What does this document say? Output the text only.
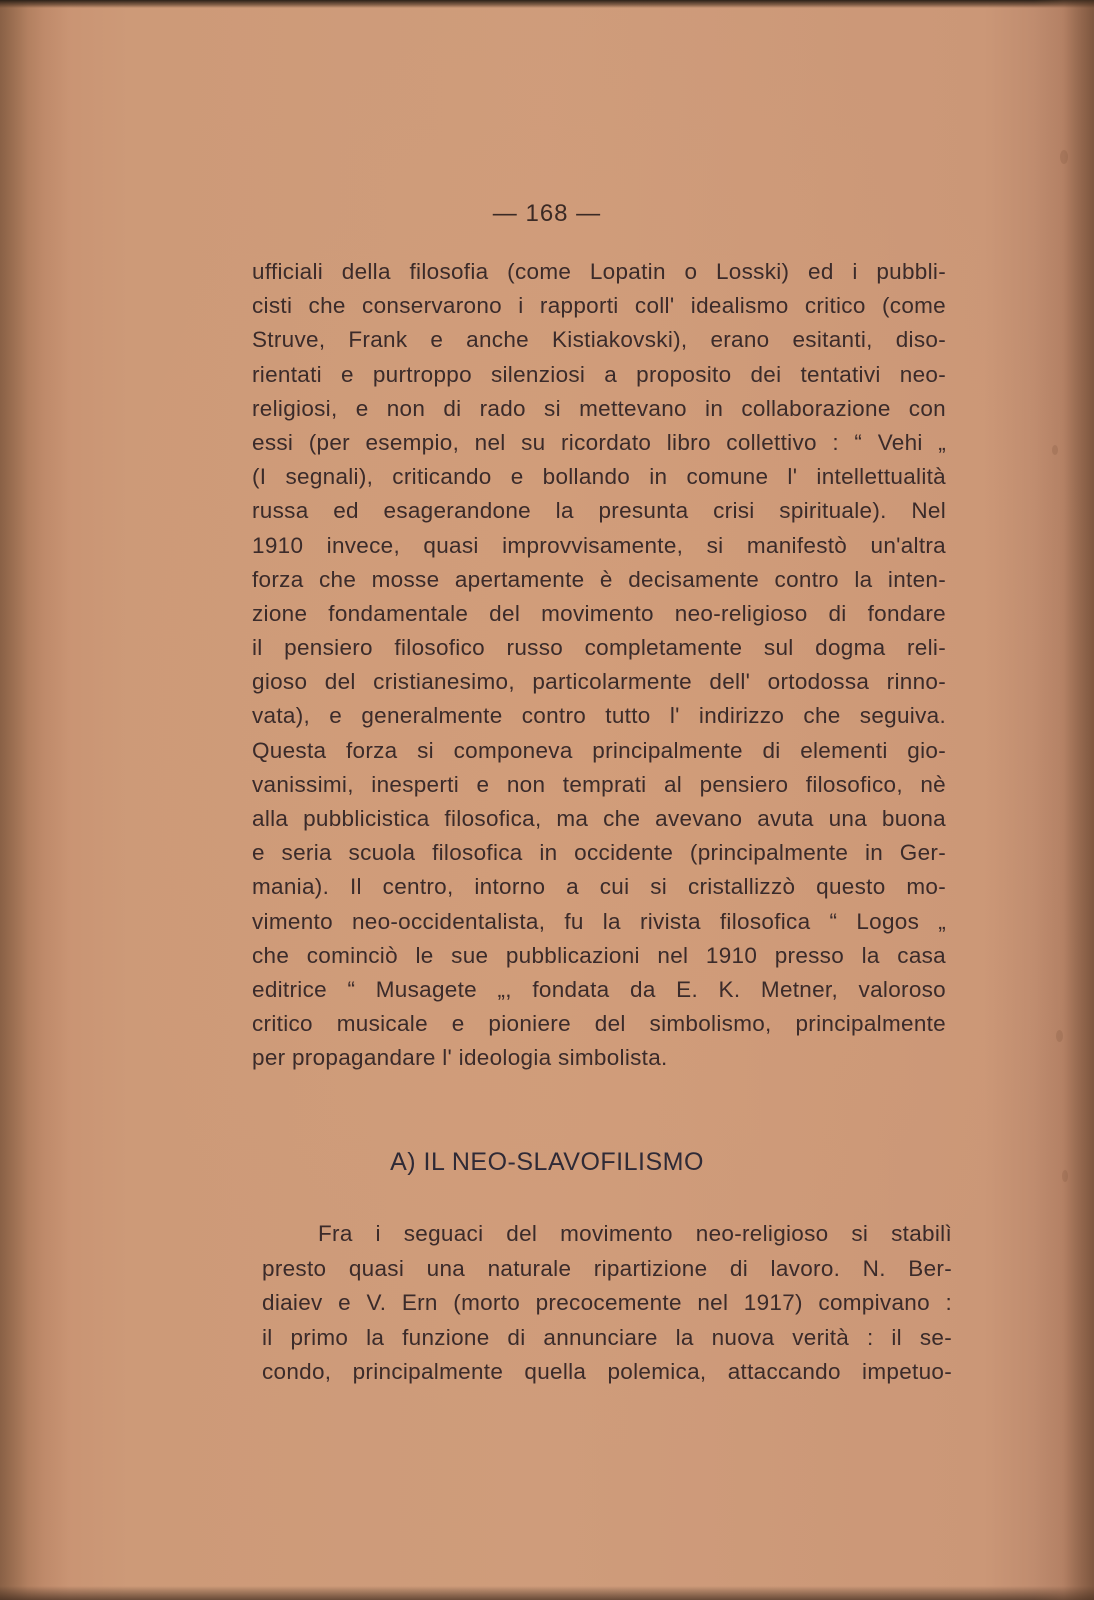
— 168 —
ufficiali della filosofia (come Lopatin o Losski) ed i pubbli-
cisti che conservarono i rapporti coll' idealismo critico (come
Struve, Frank e anche Kistiakovski), erano esitanti, diso-
rientati e purtroppo silenziosi a proposito dei tentativi neo-
religiosi, e non di rado si mettevano in collaborazione con
essi (per esempio, nel su ricordato libro collettivo : “ Vehi „
(I segnali), criticando e bollando in comune l' intellettualità
russa ed esagerandone la presunta crisi spirituale). Nel
1910 invece, quasi improvvisamente, si manifestò un'altra
forza che mosse apertamente è decisamente contro la inten-
zione fondamentale del movimento neo-religioso di fondare
il pensiero filosofico russo completamente sul dogma reli-
gioso del cristianesimo, particolarmente dell' ortodossa rinno-
vata), e generalmente contro tutto l' indirizzo che seguiva.
Questa forza si componeva principalmente di elementi gio-
vanissimi, inesperti e non temprati al pensiero filosofico, nè
alla pubblicistica filosofica, ma che avevano avuta una buona
e seria scuola filosofica in occidente (principalmente in Ger-
mania). Il centro, intorno a cui si cristallizzò questo mo-
vimento neo-occidentalista, fu la rivista filosofica “ Logos „
che cominciò le sue pubblicazioni nel 1910 presso la casa
editrice “ Musagete „, fondata da E. K. Metner, valoroso
critico musicale e pioniere del simbolismo, principalmente
per propagandare l' ideologia simbolista.
A) IL NEO-SLAVOFILISMO
Fra i seguaci del movimento neo-religioso si stabilì
presto quasi una naturale ripartizione di lavoro. N. Ber-
diaiev e V. Ern (morto precocemente nel 1917) compivano :
il primo la funzione di annunciare la nuova verità : il se-
condo, principalmente quella polemica, attaccando impetuo-
